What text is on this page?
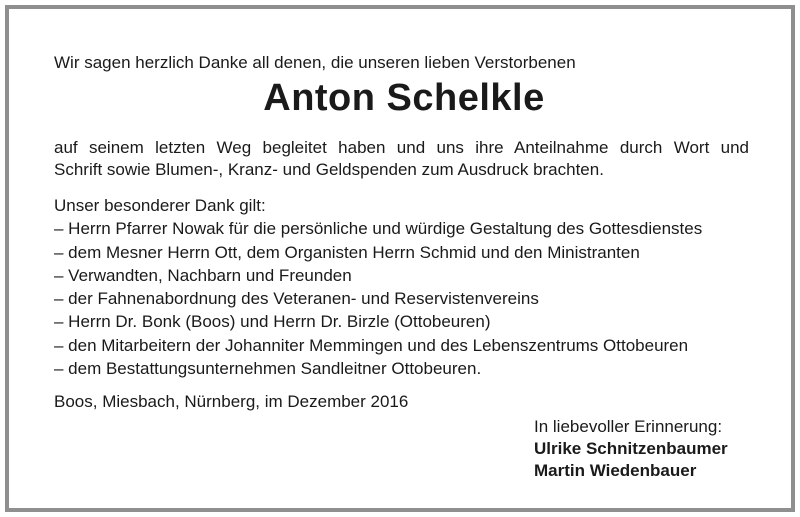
Wir sagen herzlich Danke all denen, die unseren lieben Verstorbenen
Anton Schelkle
auf seinem letzten Weg begleitet haben und uns ihre Anteilnahme durch Wort und
Schrift sowie Blumen-, Kranz- und Geldspenden zum Ausdruck brachten.
Unser besonderer Dank gilt:
– Herrn Pfarrer Nowak für die persönliche und würdige Gestaltung des Gottesdienstes
– dem Mesner Herrn Ott, dem Organisten Herrn Schmid und den Ministranten
– Verwandten, Nachbarn und Freunden
– der Fahnenabordnung des Veteranen- und Reservistenvereins
– Herrn Dr. Bonk (Boos) und Herrn Dr. Birzle (Ottobeuren)
– den Mitarbeitern der Johanniter Memmingen und des Lebenszentrums Ottobeuren
– dem Bestattungsunternehmen Sandleitner Ottobeuren.
Boos, Miesbach, Nürnberg, im Dezember 2016
In liebevoller Erinnerung:
Ulrike Schnitzenbaumer
Martin Wiedenbauer
